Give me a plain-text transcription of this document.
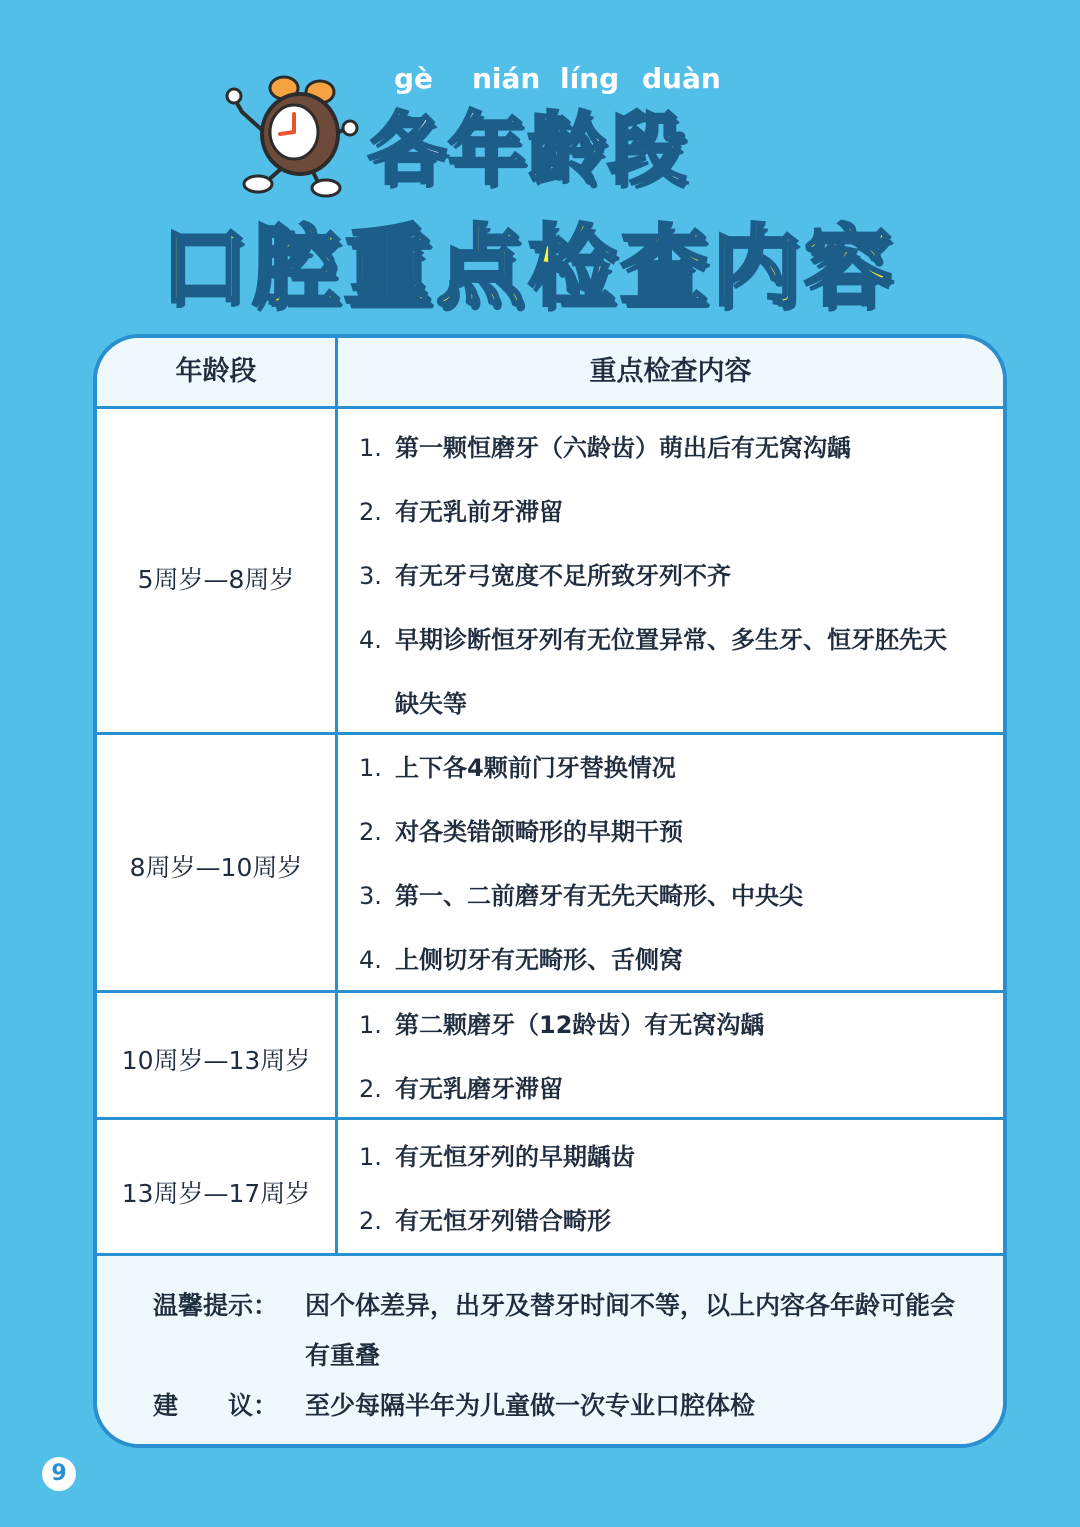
gè nián líng duàn
各年龄段
口腔重点检查内容
年龄段	重点检查内容
5周岁—8周岁
1. 第一颗恒磨牙（六龄齿）萌出后有无窝沟龋
2. 有无乳前牙滞留
3. 有无牙弓宽度不足所致牙列不齐
4. 早期诊断恒牙列有无位置异常、多生牙、恒牙胚先天
缺失等
8周岁—10周岁
1. 上下各4颗前门牙替换情况
2. 对各类错颌畸形的早期干预
3. 第一、二前磨牙有无先天畸形、中央尖
4. 上侧切牙有无畸形、舌侧窝
10周岁—13周岁
1. 第二颗磨牙（12龄齿）有无窝沟龋
2. 有无乳磨牙滞留
13周岁—17周岁
1. 有无恒牙列的早期龋齿
2. 有无恒牙列错合畸形
温馨提示： 因个体差异，出牙及替牙时间不等，以上内容各年龄可能会
有重叠
建　　议： 至少每隔半年为儿童做一次专业口腔体检
9
